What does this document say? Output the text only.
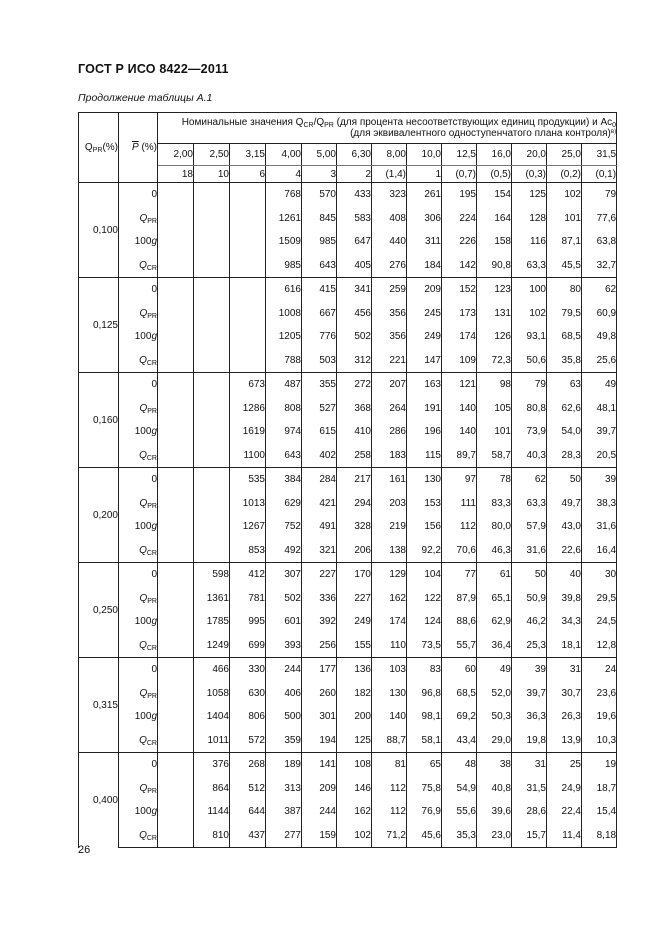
ГОСТ Р ИСО 8422—2011
Продолжение таблицы А.1
$Q_{PR}(\%)$	$\overline{P}$ (%)	Номинальные значения $Q_{CR}/Q_{PR}$ (для процента несоответствующих единиц продукции) и $Ac_0$
(для эквивалентного одноступенчатого плана контроля)$^{в)}$
		2,00	2,50	3,15	4,00	5,00	6,30	8,00	10,0	12,5	16,0	20,0	25,0	31,5
		18	10	6	4	3	2	(1,4)	1	(0,7)	(0,5)	(0,3)	(0,2)	(0,1)
0,100	0				768	570	433	323	261	195	154	125	102	79
	$Q_{PR}$				1261	845	583	408	306	224	164	128	101	77,6
	100g				1509	985	647	440	311	226	158	116	87,1	63,8
	$Q_{CR}$				985	643	405	276	184	142	90,8	63,3	45,5	32,7
0,125	0				616	415	341	259	209	152	123	100	80	62
	$Q_{PR}$				1008	667	456	356	245	173	131	102	79,5	60,9
	100g				1205	776	502	356	249	174	126	93,1	68,5	49,8
	$Q_{CR}$				788	503	312	221	147	109	72,3	50,6	35,8	25,6
0,160	0			673	487	355	272	207	163	121	98	79	63	49
	$Q_{PR}$			1286	808	527	368	264	191	140	105	80,8	62,6	48,1
	100g			1619	974	615	410	286	196	140	101	73,9	54,0	39,7
	$Q_{CR}$			1100	643	402	258	183	115	89,7	58,7	40,3	28,3	20,5
0,200	0			535	384	284	217	161	130	97	78	62	50	39
	$Q_{PR}$			1013	629	421	294	203	153	111	83,3	63,3	49,7	38,3
	100g			1267	752	491	328	219	156	112	80,0	57,9	43,0	31,6
	$Q_{CR}$			853	492	321	206	138	92,2	70,6	46,3	31,6	22,6	16,4
0,250	0		598	412	307	227	170	129	104	77	61	50	40	30
	$Q_{PR}$		1361	781	502	336	227	162	122	87,9	65,1	50,9	39,8	29,5
	100g		1785	995	601	392	249	174	124	88,6	62,9	46,2	34,3	24,5
	$Q_{CR}$		1249	699	393	256	155	110	73,5	55,7	36,4	25,3	18,1	12,8
0,315	0		466	330	244	177	136	103	83	60	49	39	31	24
	$Q_{PR}$		1058	630	406	260	182	130	96,8	68,5	52,0	39,7	30,7	23,6
	100g		1404	806	500	301	200	140	98,1	69,2	50,3	36,3	26,3	19,6
	$Q_{CR}$		1011	572	359	194	125	88,7	58,1	43,4	29,0	19,8	13,9	10,3
0,400	0		376	268	189	141	108	81	65	48	38	31	25	19
	$Q_{PR}$		864	512	313	209	146	112	75,8	54,9	40,8	31,5	24,9	18,7
	100g		1144	644	387	244	162	112	76,9	55,6	39,6	28,6	22,4	15,4
	$Q_{CR}$		810	437	277	159	102	71,2	45,6	35,3	23,0	15,7	11,4	8,18
26
